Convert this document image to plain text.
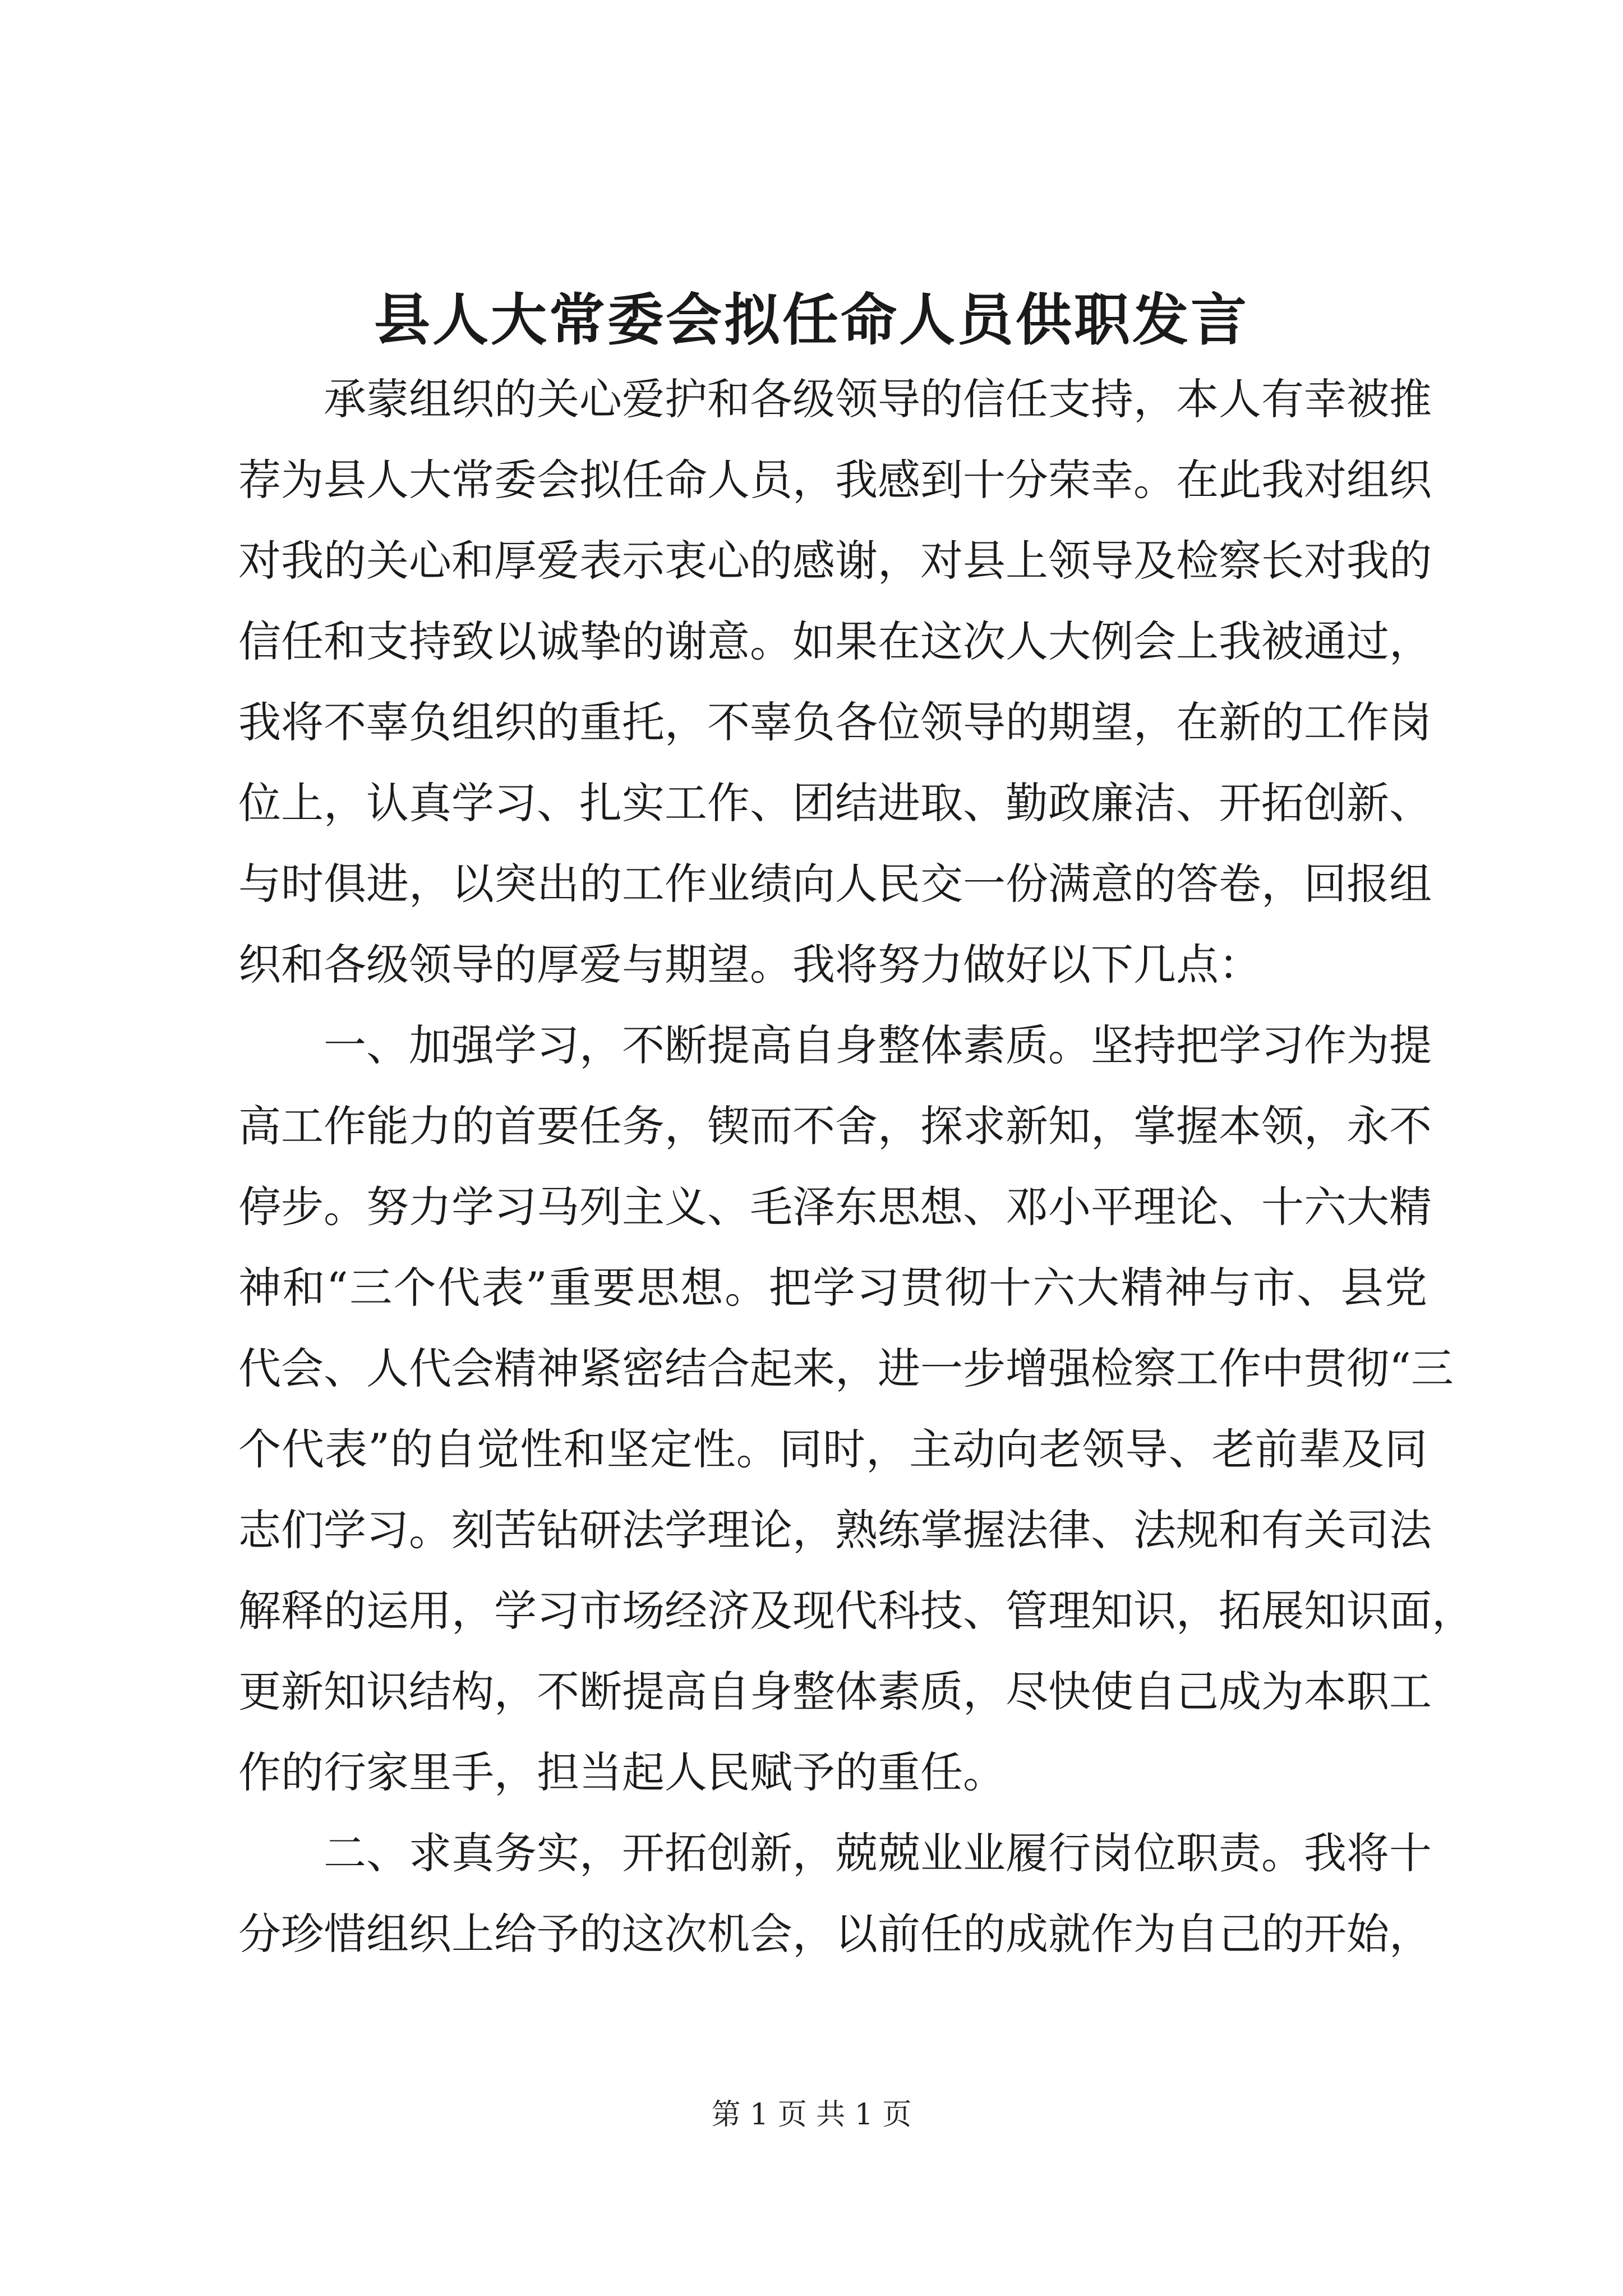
县人大常委会拟任命人员供职发言
承蒙组织的关心爱护和各级领导的信任支持，本人有幸被推
荐为县人大常委会拟任命人员，我感到十分荣幸。在此我对组织
对我的关心和厚爱表示衷心的感谢，对县上领导及检察长对我的
信任和支持致以诚挚的谢意。如果在这次人大例会上我被通过，
我将不辜负组织的重托，不辜负各位领导的期望，在新的工作岗
位上，认真学习、扎实工作、团结进取、勤政廉洁、开拓创新、
与时俱进，以突出的工作业绩向人民交一份满意的答卷，回报组
织和各级领导的厚爱与期望。我将努力做好以下几点：
一、加强学习，不断提高自身整体素质。坚持把学习作为提
高工作能力的首要任务，锲而不舍，探求新知，掌握本领，永不
停步。努力学习马列主义、毛泽东思想、邓小平理论、十六大精
神和“三个代表”重要思想。把学习贯彻十六大精神与市、县党
代会、人代会精神紧密结合起来，进一步增强检察工作中贯彻“三
个代表”的自觉性和坚定性。同时，主动向老领导、老前辈及同
志们学习。刻苦钻研法学理论，熟练掌握法律、法规和有关司法
解释的运用，学习市场经济及现代科技、管理知识，拓展知识面，
更新知识结构，不断提高自身整体素质，尽快使自己成为本职工
作的行家里手，担当起人民赋予的重任。
二、求真务实，开拓创新，兢兢业业履行岗位职责。我将十
分珍惜组织上给予的这次机会，以前任的成就作为自己的开始，
第 1 页 共 1 页
